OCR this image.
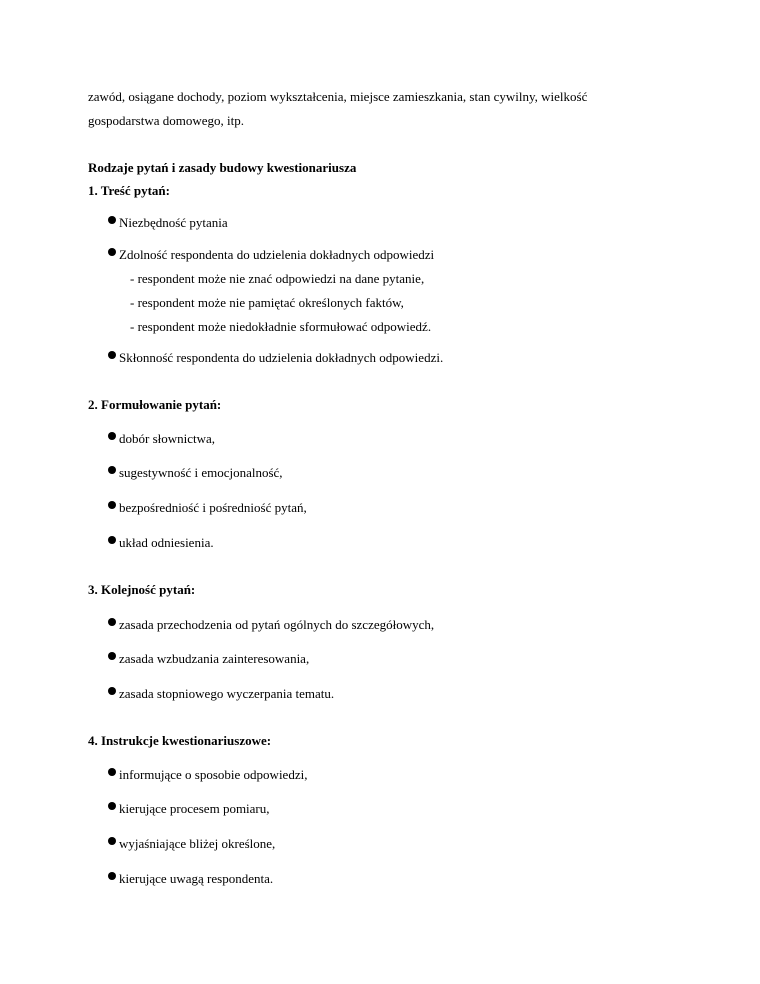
zawód, osiągane dochody, poziom wykształcenia, miejsce zamieszkania, stan cywilny, wielkość
gospodarstwa domowego, itp.
Rodzaje pytań i zasady budowy kwestionariusza
1. Treść pytań:
Niezbędność pytania
Zdolność respondenta do udzielenia dokładnych odpowiedzi
- respondent może nie znać odpowiedzi na dane pytanie,
- respondent może nie pamiętać określonych faktów,
- respondent może niedokładnie sformułować odpowiedź.
Skłonność respondenta do udzielenia dokładnych odpowiedzi.
2. Formułowanie pytań:
dobór słownictwa,
sugestywność i emocjonalność,
bezpośredniość i pośredniość pytań,
układ odniesienia.
3. Kolejność pytań:
zasada przechodzenia od pytań ogólnych do szczegółowych,
zasada wzbudzania zainteresowania,
zasada stopniowego wyczerpania tematu.
4. Instrukcje kwestionariuszowe:
informujące o sposobie odpowiedzi,
kierujące procesem pomiaru,
wyjaśniające bliżej określone,
kierujące uwagą respondenta.
